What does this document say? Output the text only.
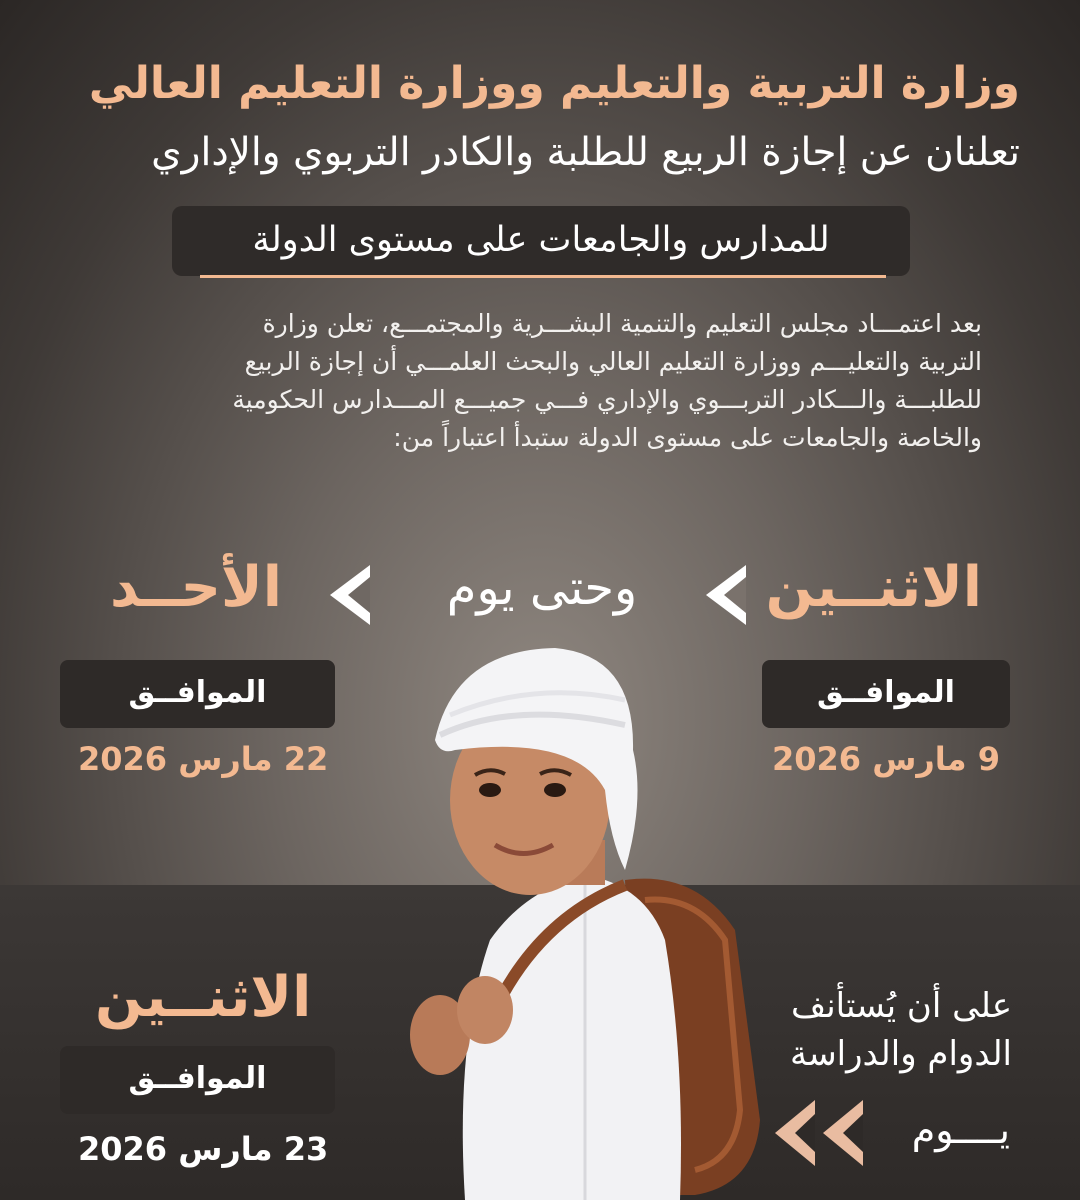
وزارة التربية والتعليم ووزارة التعليم العالي
تعلنان عن إجازة الربيع للطلبة والكادر التربوي والإداري
للمدارس والجامعات على مستوى الدولة
بعد اعتمـــاد مجلس التعليم والتنمية البشـــرية والمجتمـــع، تعلن وزارة
التربية والتعليـــم ووزارة التعليم العالي والبحث العلمـــي أن إجازة الربيع
للطلبـــة والـــكادر التربـــوي والإداري فـــي جميـــع المـــدارس الحكومية
والخاصة والجامعات على مستوى الدولة ستبدأ اعتباراً من:
الاثنــين
وحتى يوم
الأحــد
الموافــق
9 مارس 2026
الموافــق
22 مارس 2026
على أن يُستأنف
الدوام والدراسة
يــــوم
الاثنــين
الموافــق
23 مارس 2026
